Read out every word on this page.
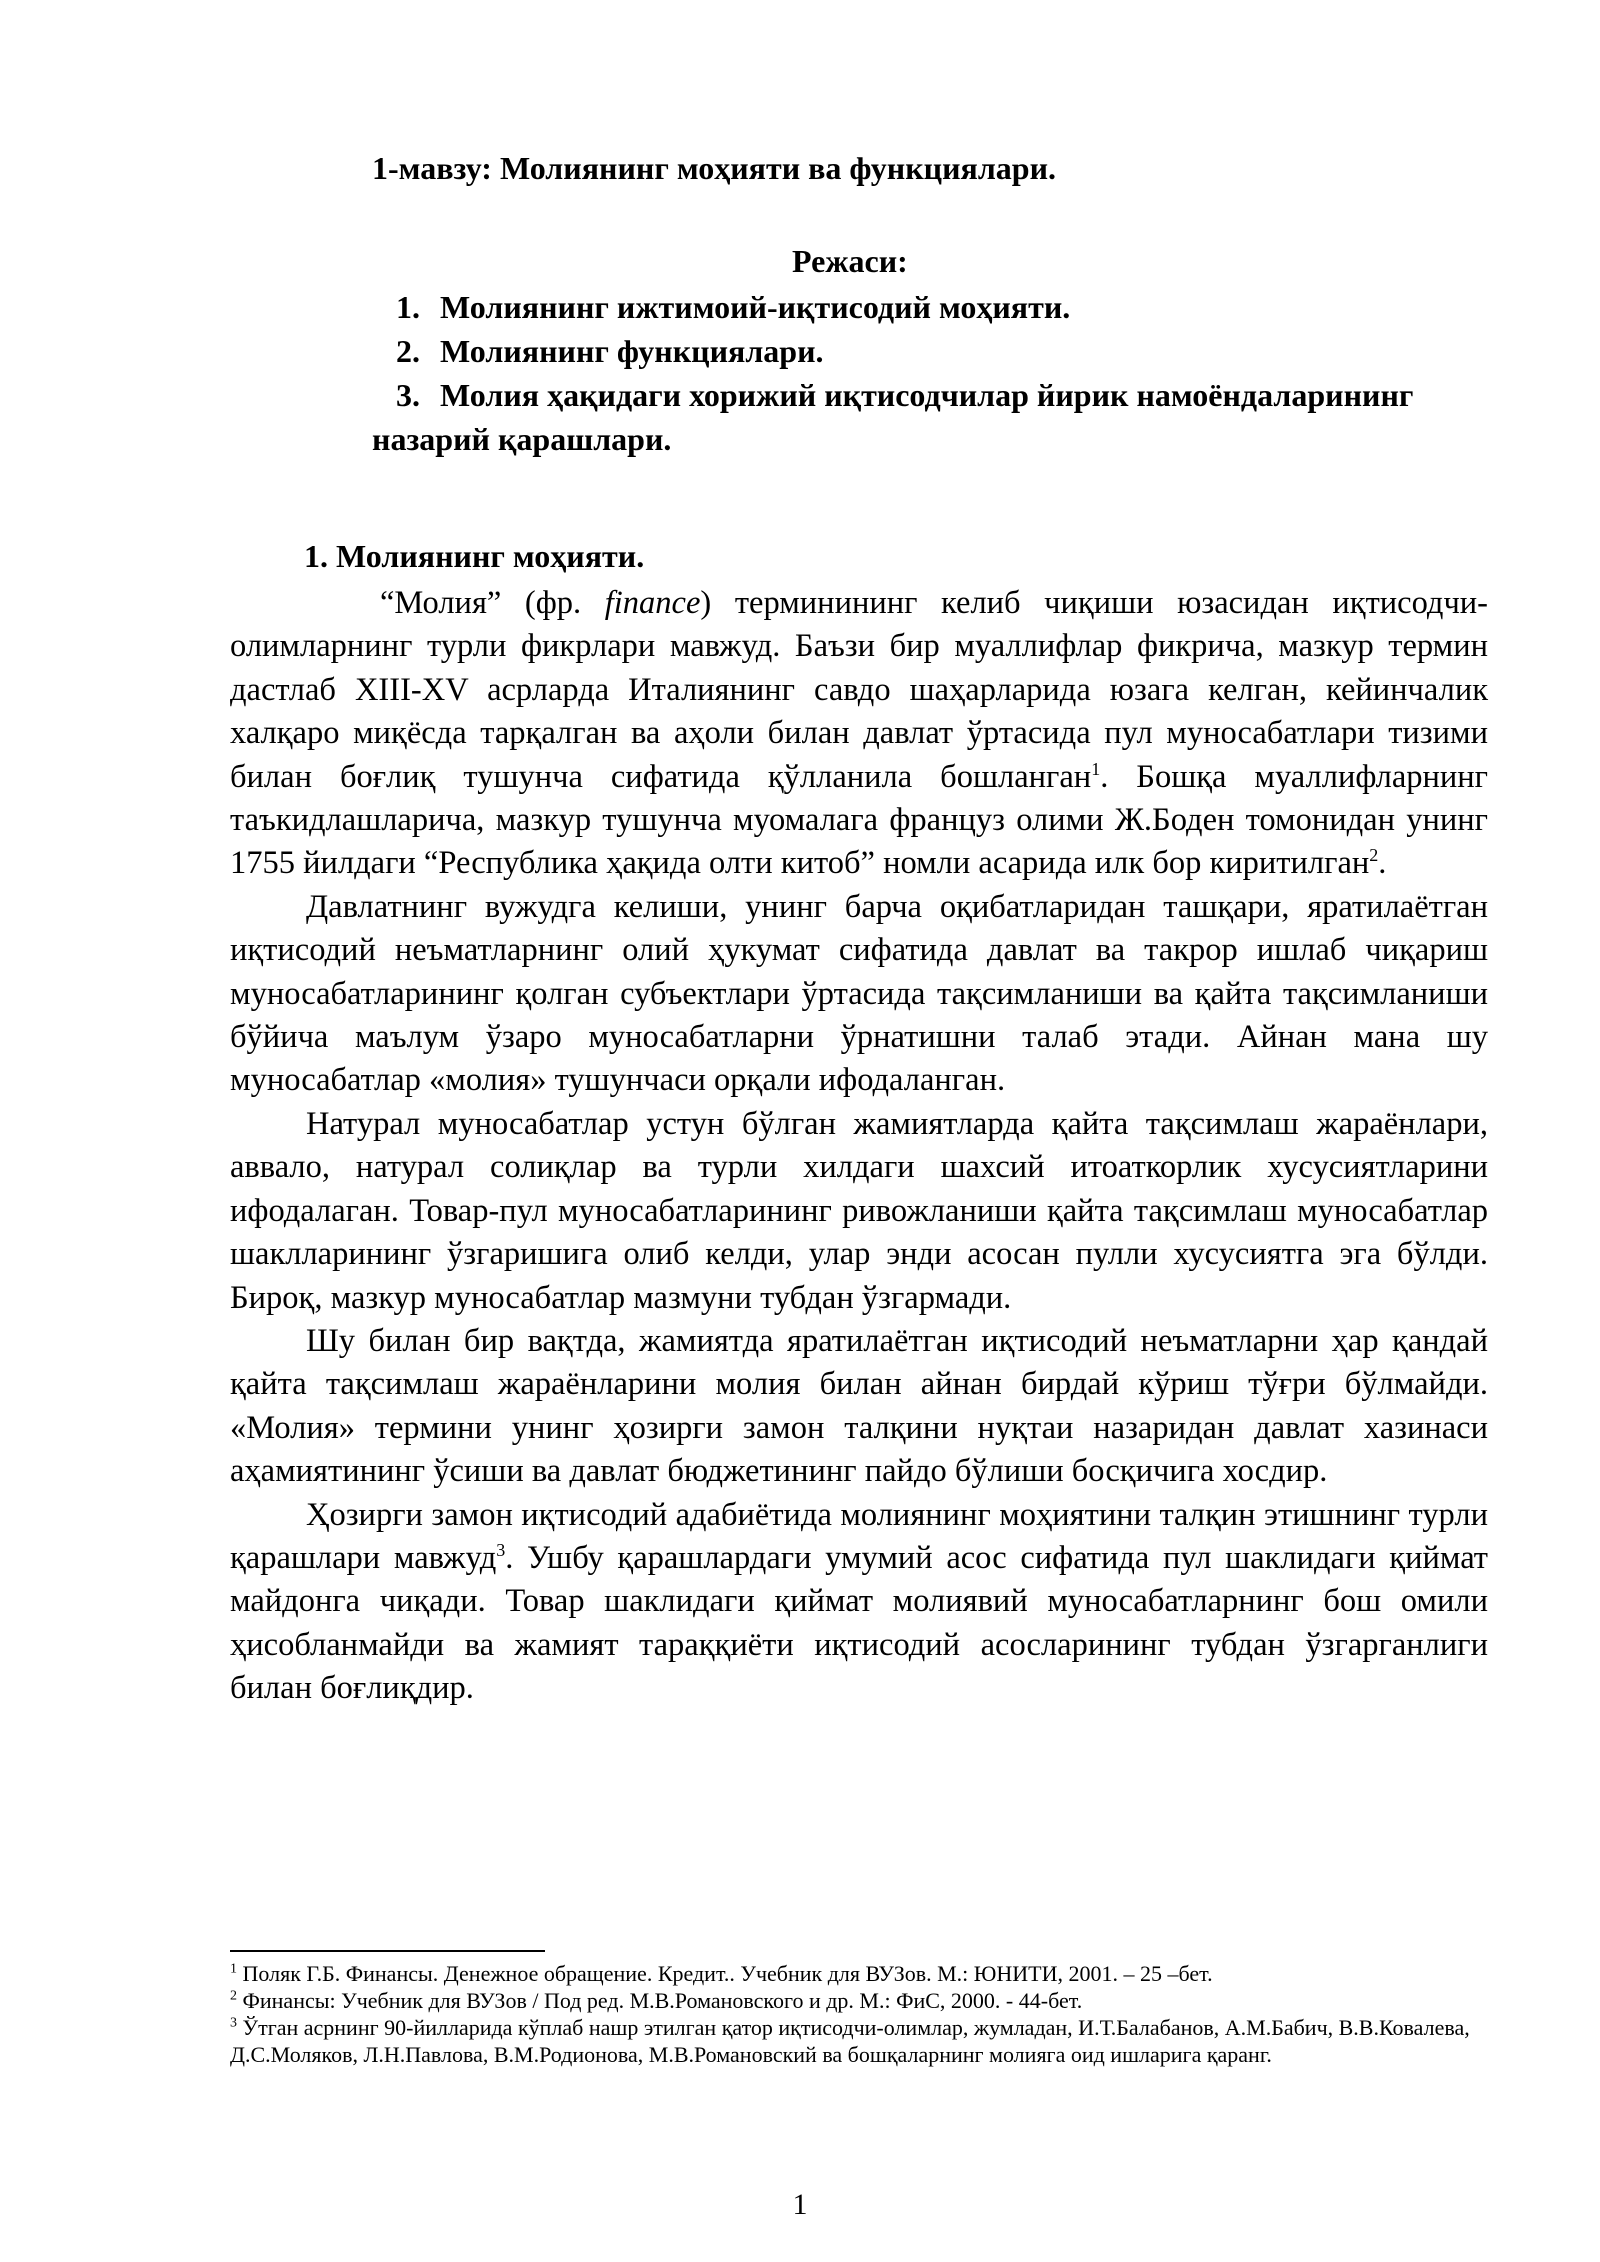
1-мавзу: Молиянинг моҳияти ва функциялари.
Режаси:
1. Молиянинг ижтимоий-иқтисодий моҳияти.
2. Молиянинг функциялари.
3. Молия ҳақидаги хорижий иқтисодчилар йирик намоёндаларининг назарий қарашлари.
1. Молиянинг моҳияти.

“Молия” (фр. finance) терминининг келиб чиқиши юзасидан иқтисодчи-олимларнинг турли фикрлари мавжуд. Баъзи бир муаллифлар фикрича, мазкур термин дастлаб XIII-XV асрларда Италиянинг савдо шаҳарларида юзага келган, кейинчалик халқаро миқёсда тарқалган ва аҳоли билан давлат ўртасида пул муносабатлари тизими билан боғлиқ тушунча сифатида қўлланила бошланган$^1$. Бошқа муаллифларнинг таъкидлашларича, мазкур тушунча муомалага француз олими Ж.Боден томонидан унинг 1755 йилдаги “Республика ҳақида олти китоб” номли асарида илк бор киритилган$^2$.

Давлатнинг вужудга келиши, унинг барча оқибатларидан ташқари, яратилаётган иқтисодий неъматларнинг олий ҳукумат сифатида давлат ва такрор ишлаб чиқариш муносабатларининг қолган субъектлари ўртасида тақсимланиши ва қайта тақсимланиши бўйича маълум ўзаро муносабатларни ўрнатишни талаб этади. Айнан мана шу муносабатлар «молия» тушунчаси орқали ифодаланган.

Натурал муносабатлар устун бўлган жамиятларда қайта тақсимлаш жараёнлари, аввало, натурал солиқлар ва турли хилдаги шахсий итоаткорлик хусусиятларини ифодалаган. Товар-пул муносабатларининг ривожланиши қайта тақсимлаш муносабатлар шаклларининг ўзгаришига олиб келди, улар энди асосан пулли хусусиятга эга бўлди. Бироқ, мазкур муносабатлар мазмуни тубдан ўзгармади.

Шу билан бир вақтда, жамиятда яратилаётган иқтисодий неъматларни ҳар қандай қайта тақсимлаш жараёнларини молия билан айнан бирдай кўриш тўғри бўлмайди. «Молия» термини унинг ҳозирги замон талқини нуқтаи назаридан давлат хазинаси аҳамиятининг ўсиши ва давлат бюджетининг пайдо бўлиши босқичига хосдир.

Ҳозирги замон иқтисодий адабиётида молиянинг моҳиятини талқин этишнинг турли қарашлари мавжуд$^3$. Ушбу қарашлардаги умумий асос сифатида пул шаклидаги қиймат майдонга чиқади. Товар шаклидаги қиймат молиявий муносабатларнинг бош омили ҳисобланмайди ва жамият тараққиёти иқтисодий асосларининг тубдан ўзгарганлиги билан боғлиқдир.

$^1$ Поляк Г.Б. Финансы. Денежное обращение. Кредит.. Учебник для ВУЗов. М.: ЮНИТИ, 2001. – 25 –бет.

$^2$ Финансы: Учебник для ВУЗов / Под ред. М.В.Романовского и др. М.: ФиС, 2000. - 44-бет.

$^3$ Ўтган асрнинг 90-йилларида кўплаб нашр этилган қатор иқтисодчи-олимлар, жумладан, И.Т.Балабанов, А.М.Бабич, В.В.Ковалева, Д.С.Моляков, Л.Н.Павлова, В.М.Родионова, М.В.Романовский ва бошқаларнинг молияга оид ишларига қаранг.

1
